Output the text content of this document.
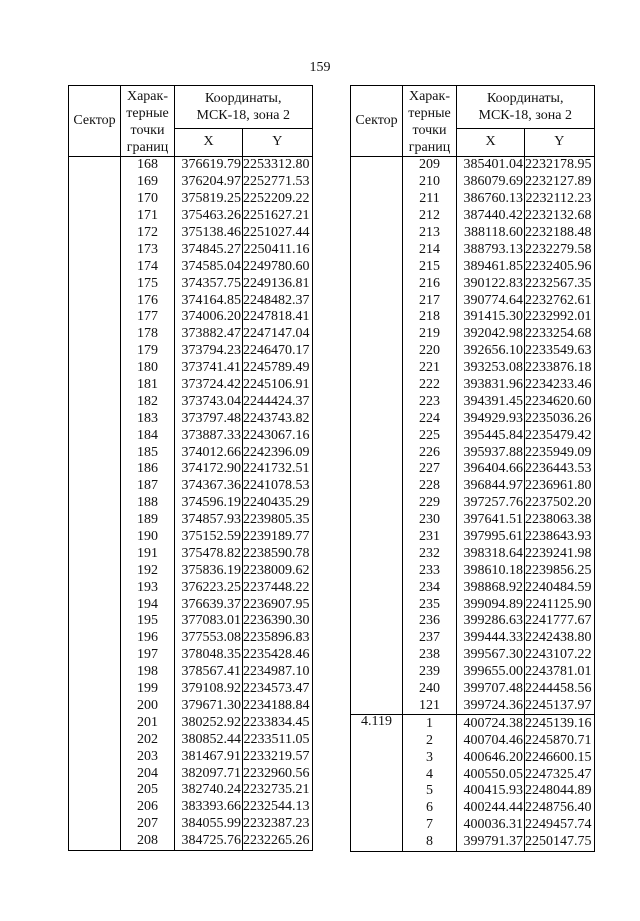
159
Сектор	Харак-
терные
точки
границ	Координаты,
МСК-18, зона 2	
		X	Y
	168	376619.79	2253312.80
	169	376204.97	2252771.53
	170	375819.25	2252209.22
	171	375463.26	2251627.21
	172	375138.46	2251027.44
	173	374845.27	2250411.16
	174	374585.04	2249780.60
	175	374357.75	2249136.81
	176	374164.85	2248482.37
	177	374006.20	2247818.41
	178	373882.47	2247147.04
	179	373794.23	2246470.17
	180	373741.41	2245789.49
	181	373724.42	2245106.91
	182	373743.04	2244424.37
	183	373797.48	2243743.82
	184	373887.33	2243067.16
	185	374012.66	2242396.09
	186	374172.90	2241732.51
	187	374367.36	2241078.53
	188	374596.19	2240435.29
	189	374857.93	2239805.35
	190	375152.59	2239189.77
	191	375478.82	2238590.78
	192	375836.19	2238009.62
	193	376223.25	2237448.22
	194	376639.37	2236907.95
	195	377083.01	2236390.30
	196	377553.08	2235896.83
	197	378048.35	2235428.46
	198	378567.41	2234987.10
	199	379108.92	2234573.47
	200	379671.30	2234188.84
	201	380252.92	2233834.45
	202	380852.44	2233511.05
	203	381467.91	2233219.57
	204	382097.71	2232960.56
	205	382740.24	2232735.21
	206	383393.66	2232544.13
	207	384055.99	2232387.23
	208	384725.76	2232265.26
Сектор	Харак-
терные
точки
границ	Координаты,
МСК-18, зона 2	
		X	Y
	209	385401.04	2232178.95
	210	386079.69	2232127.89
	211	386760.13	2232112.23
	212	387440.42	2232132.68
	213	388118.60	2232188.48
	214	388793.13	2232279.58
	215	389461.85	2232405.96
	216	390122.83	2232567.35
	217	390774.64	2232762.61
	218	391415.30	2232992.01
	219	392042.98	2233254.68
	220	392656.10	2233549.63
	221	393253.08	2233876.18
	222	393831.96	2234233.46
	223	394391.45	2234620.60
	224	394929.93	2235036.26
	225	395445.84	2235479.42
	226	395937.88	2235949.09
	227	396404.66	2236443.53
	228	396844.97	2236961.80
	229	397257.76	2237502.20
	230	397641.51	2238063.38
	231	397995.61	2238643.93
	232	398318.64	2239241.98
	233	398610.18	2239856.25
	234	398868.92	2240484.59
	235	399094.89	2241125.90
	236	399286.63	2241777.67
	237	399444.33	2242438.80
	238	399567.30	2243107.22
	239	399655.00	2243781.01
	240	399707.48	2244458.56
	121	399724.36	2245137.97
4.119	1	400724.38	2245139.16
	2	400704.46	2245870.71
	3	400646.20	2246600.15
	4	400550.05	2247325.47
	5	400415.93	2248044.89
	6	400244.44	2248756.40
	7	400036.31	2249457.74
	8	399791.37	2250147.75
